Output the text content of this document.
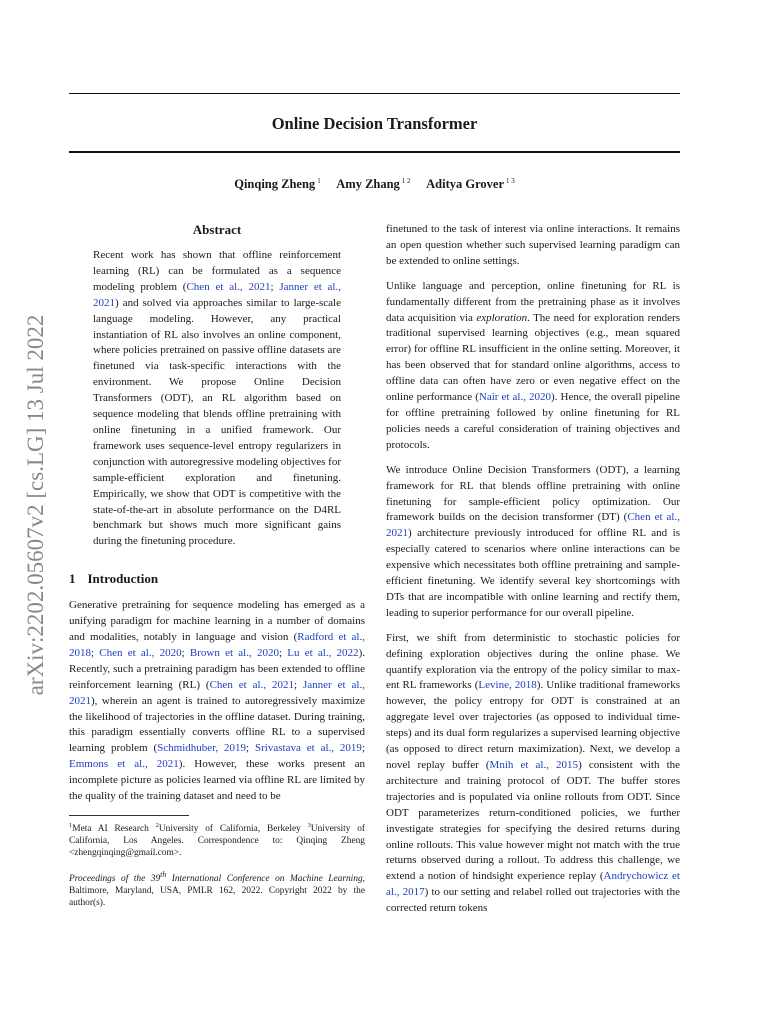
Online Decision Transformer
Qinqing Zheng $^1$ Amy Zhang $^{1 2}$ Aditya Grover $^{1 3}$
arXiv:2202.05607v2 [cs.LG] 13 Jul 2022
Abstract

Recent work has shown that offline reinforcement learning (RL) can be formulated as a sequence modeling problem (Chen et al., 2021; Janner et al., 2021) and solved via approaches similar to large-scale language modeling. However, any practical instantiation of RL also involves an online component, where policies pretrained on passive offline datasets are finetuned via task-specific interactions with the environment. We propose Online Decision Transformers (ODT), an RL algorithm based on sequence modeling that blends offline pretraining with online finetuning in a unified framework. Our framework uses sequence-level entropy regularizers in conjunction with autoregressive modeling objectives for sample-efficient exploration and finetuning. Empirically, we show that ODT is competitive with the state-of-the-art in absolute performance on the D4RL benchmark but shows much more significant gains during the finetuning procedure.

1 Introduction

Generative pretraining for sequence modeling has emerged as a unifying paradigm for machine learning in a number of domains and modalities, notably in language and vision (Radford et al., 2018; Chen et al., 2020; Brown et al., 2020; Lu et al., 2022). Recently, such a pretraining paradigm has been extended to offline reinforcement learning (RL) (Chen et al., 2021; Janner et al., 2021), wherein an agent is trained to autoregressively maximize the likelihood of trajectories in the offline dataset. During training, this paradigm essentially converts offline RL to a supervised learning problem (Schmidhuber, 2019; Srivastava et al., 2019; Emmons et al., 2021). However, these works present an incomplete picture as policies learned via offline RL are limited by the quality of the training dataset and need to be

$^1$Meta AI Research $^2$University of California, Berkeley $^3$University of California, Los Angeles. Correspondence to: Qinqing Zheng <zhengqinqing@gmail.com>.
Proceedings of the 39th International Conference on Machine Learning, Baltimore, Maryland, USA, PMLR 162, 2022. Copyright 2022 by the author(s).

finetuned to the task of interest via online interactions. It remains an open question whether such supervised learning paradigm can be extended to online settings.

Unlike language and perception, online finetuning for RL is fundamentally different from the pretraining phase as it involves data acquisition via exploration. The need for exploration renders traditional supervised learning objectives (e.g., mean squared error) for offline RL insufficient in the online setting. Moreover, it has been observed that for standard online algorithms, access to offline data can often have zero or even negative effect on the online performance (Nair et al., 2020). Hence, the overall pipeline for offline pretraining followed by online finetuning for RL policies needs a careful consideration of training objectives and protocols.

We introduce Online Decision Transformers (ODT), a learning framework for RL that blends offline pretraining with online finetuning for sample-efficient policy optimization. Our framework builds on the decision transformer (DT) (Chen et al., 2021) architecture previously introduced for offline RL and is especially catered to scenarios where online interactions can be expensive which necessitates both offline pretraining and sample-efficient finetuning. We identify several key shortcomings with DTs that are incompatible with online learning and rectify them, leading to superior performance for our overall pipeline.

First, we shift from deterministic to stochastic policies for defining exploration objectives during the online phase. We quantify exploration via the entropy of the policy similar to max-ent RL frameworks (Levine, 2018). Unlike traditional frameworks however, the policy entropy for ODT is constrained at an aggregate level over trajectories (as opposed to individual time-steps) and its dual form regularizes a supervised learning objective (as opposed to direct return maximization). Next, we develop a novel replay buffer (Mnih et al., 2015) consistent with the architecture and training protocol of ODT. The buffer stores trajectories and is populated via online rollouts from ODT. Since ODT parameterizes return-conditioned policies, we further investigate strategies for specifying the desired returns during online rollouts. This value however might not match with the true returns observed during a rollout. To address this challenge, we extend a notion of hindsight experience replay (Andrychowicz et al., 2017) to our setting and relabel rolled out trajectories with the corrected return tokens
